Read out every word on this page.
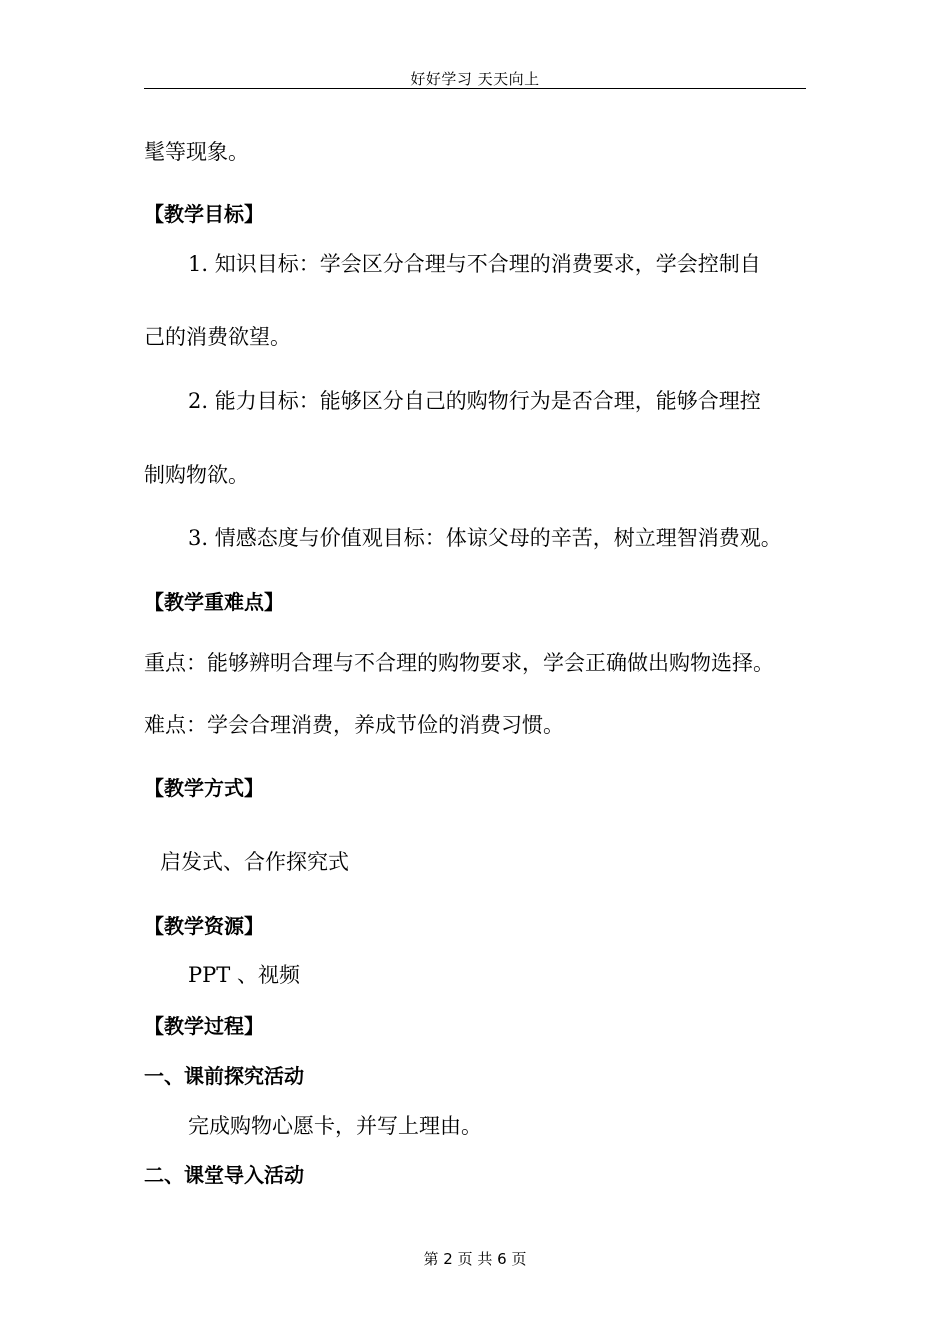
好好学习 天天向上
髦等现象。
【教学目标】
1. 知识目标：学会区分合理与不合理的消费要求，学会控制自
己的消费欲望。
2. 能力目标：能够区分自己的购物行为是否合理，能够合理控
制购物欲。
3. 情感态度与价值观目标：体谅父母的辛苦，树立理智消费观。
【教学重难点】
重点：能够辨明合理与不合理的购物要求，学会正确做出购物选择。
难点：学会合理消费，养成节俭的消费习惯。
【教学方式】
启发式、合作探究式
【教学资源】
PPT 、视频
【教学过程】
一、课前探究活动
完成购物心愿卡，并写上理由。
二、课堂导入活动
第 2 页 共 6 页
